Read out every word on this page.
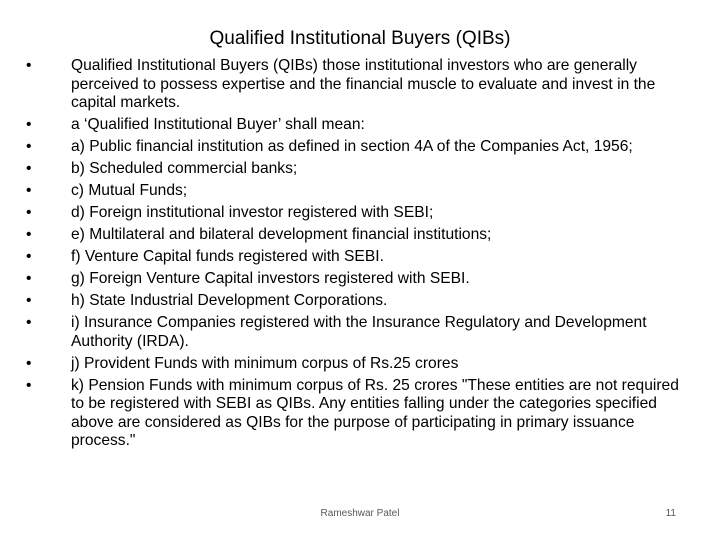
Qualified Institutional Buyers (QIBs)
•	Qualified Institutional Buyers (QIBs) those institutional investors who are generally perceived to possess expertise and the financial muscle to evaluate and invest in the capital markets.
•	a ‘Qualified Institutional Buyer’ shall mean:
•	a) Public financial institution as defined in section 4A of the Companies Act, 1956;
•	b) Scheduled commercial banks;
•	c) Mutual Funds;
•	d) Foreign institutional investor registered with SEBI;
•	e) Multilateral and bilateral development financial institutions;
•	f) Venture Capital funds registered with SEBI.
•	g) Foreign Venture Capital investors registered with SEBI.
•	h) State Industrial Development Corporations.
•	i) Insurance Companies registered with the Insurance Regulatory and Development Authority (IRDA).
•	j) Provident Funds with minimum corpus of Rs.25 crores
•	k) Pension Funds with minimum corpus of Rs. 25 crores "These entities are not required to be registered with SEBI as QIBs. Any entities falling under the categories specified above are considered as QIBs for the purpose of participating in primary issuance process."
Rameshwar Patel	11
